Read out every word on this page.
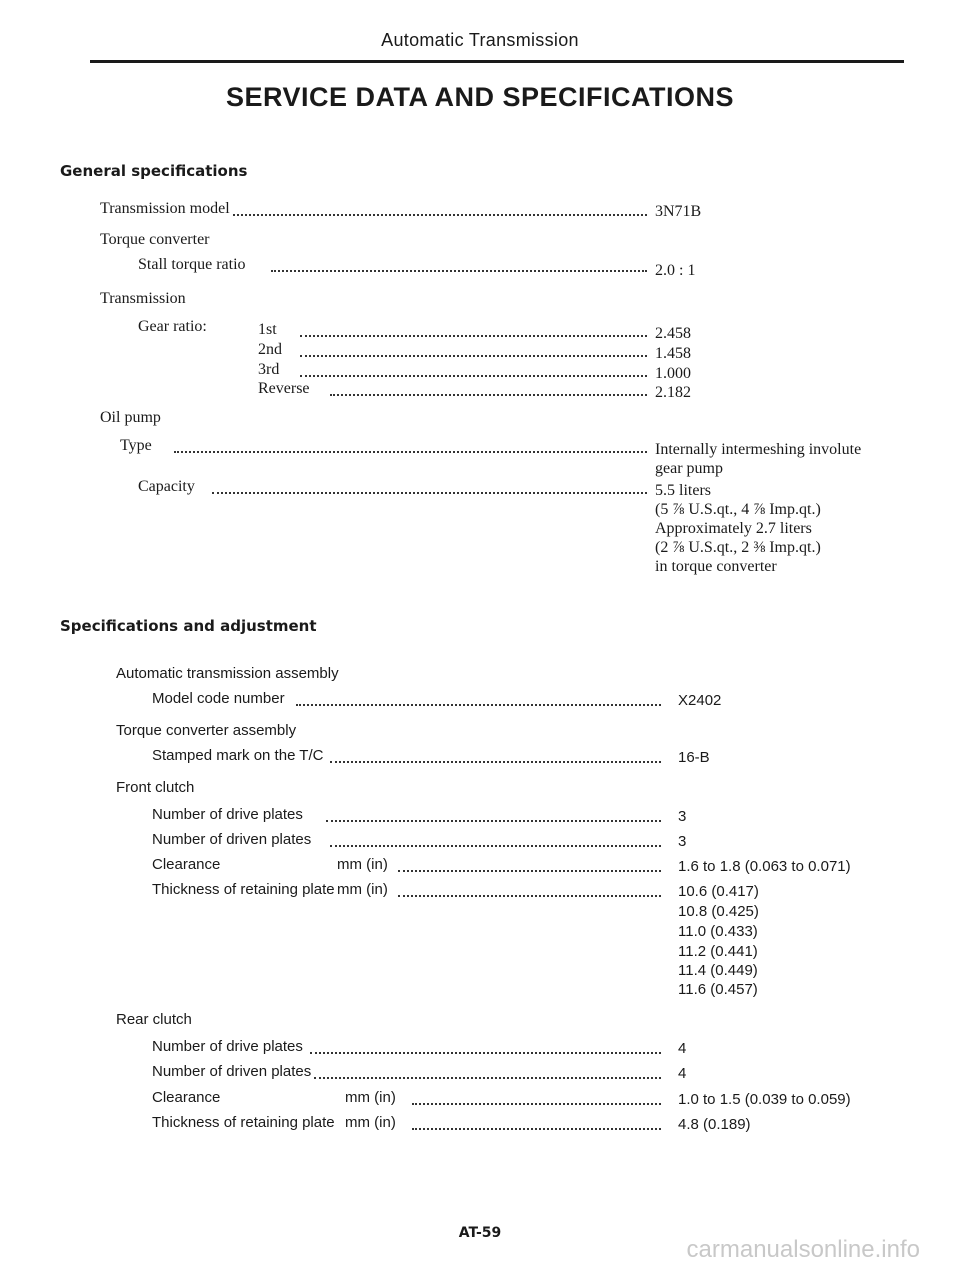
Automatic Transmission
SERVICE DATA AND SPECIFICATIONS
General specifications
Transmission model	3N71B
Torque converter
Stall torque ratio	2.0 : 1
Transmission
Gear ratio:	1st	2.458
2nd	1.458
3rd	1.000
Reverse	2.182
Oil pump
Type	Internally intermeshing involute
gear pump
Capacity	5.5 liters
(5 ⅞ U.S.qt., 4 ⅞ Imp.qt.)
Approximately 2.7 liters
(2 ⅞ U.S.qt., 2 ⅜ Imp.qt.)
in torque converter
Specifications and adjustment
Automatic transmission assembly
Model code number	X2402
Torque converter assembly
Stamped mark on the T/C	16-B
Front clutch
Number of drive plates	3
Number of driven plates	3
Clearance	mm (in)	1.6 to 1.8 (0.063 to 0.071)
Thickness of retaining plate mm (in)	10.6 (0.417)
10.8 (0.425)
11.0 (0.433)
11.2 (0.441)
11.4 (0.449)
11.6 (0.457)
Rear clutch
Number of drive plates	4
Number of driven plates	4
Clearance	mm (in)	1.0 to 1.5 (0.039 to 0.059)
Thickness of retaining plate mm (in)	4.8 (0.189)
AT-59
carmanualsonline.info
